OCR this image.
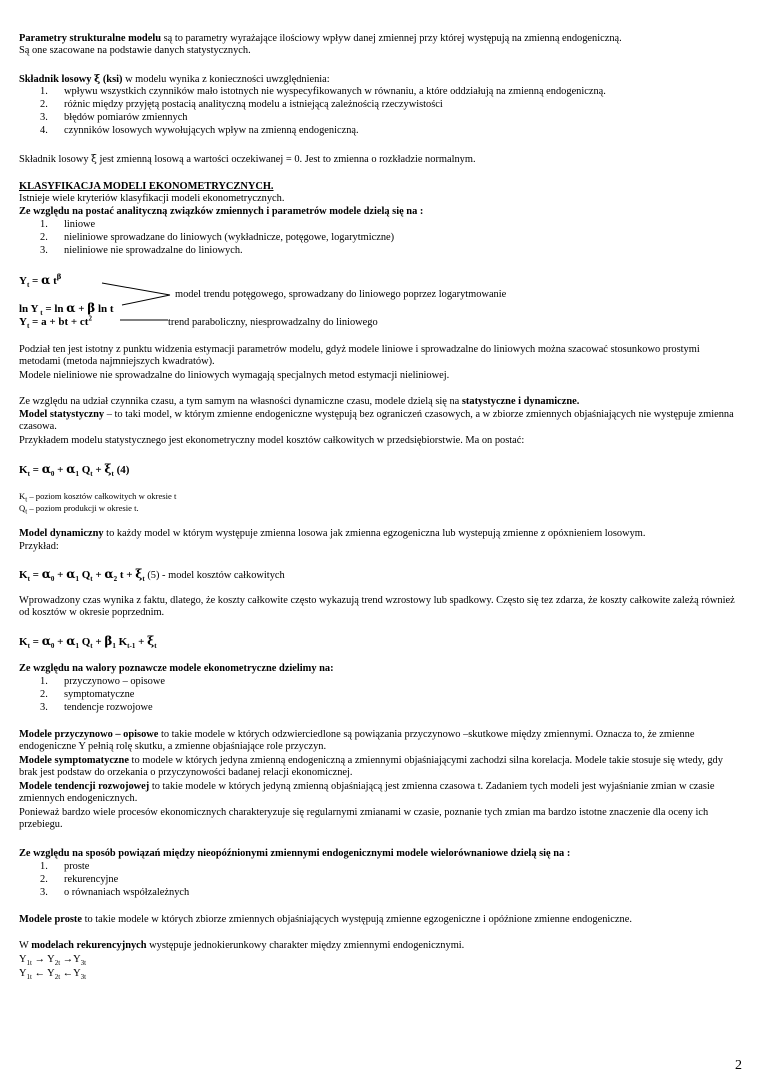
Parametry strukturalne modelu są to parametry wyrażające ilościowy wpływ danej zmiennej przy której występują na zmienną endogeniczną.
Są one szacowane na podstawie danych statystycznych.
Składnik losowy ξ (ksi) w modelu wynika z konieczności uwzględnienia:
1.	wpływu wszystkich czynników mało istotnych nie wyspecyfikowanych w równaniu, a które oddziałują na zmienną endogeniczną.
2.	różnic między przyjętą postacią analityczną modelu a istniejącą zależnością rzeczywistości
3.	błędów pomiarów zmiennych
4.	czynników losowych wywołujących wpływ na zmienną endogeniczną.
Składnik losowy ξ jest zmienną losową a wartości oczekiwanej = 0. Jest to zmienna o rozkładzie normalnym.
KLASYFIKACJA MODELI EKONOMETRYCZNYCH.
Istnieje wiele kryteriów klasyfikacji modeli ekonometrycznych.
Ze względu na postać analityczną związków zmiennych i parametrów modele dzielą się na :
1.	liniowe
2.	nieliniowe sprowadzane do liniowych (wykładnicze, potęgowe, logarytmiczne)
3.	nieliniowe nie sprowadzalne do liniowych.
$Y_t = \alpha$ $t^\beta$
ln Y $_t$ = ln α + β ln t
$Y_t = a$ + bt + $ct^2$
model trendu potęgowego, sprowadzany do liniowego poprzez logarytmowanie
trend paraboliczny, niesprowadzalny do liniowego
Podział ten jest istotny z punktu widzenia estymacji parametrów modelu, gdyż modele liniowe i sprowadzalne do liniowych można szacować stosunkowo prostymi metodami (metoda najmniejszych kwadratów).
Modele nieliniowe nie sprowadzalne do liniowych wymagają specjalnych metod estymacji nieliniowej.
Ze względu na udział czynnika czasu, a tym samym na własności dynamiczne czasu, modele dzielą się na statystyczne i dynamiczne.
Model statystyczny – to taki model, w którym zmienne endogeniczne występują bez ograniczeń czasowych, a w zbiorze zmiennych objaśniających nie występuje zmienna czasowa.
Przykładem modelu statystycznego jest ekonometryczny model kosztów całkowitych w przedsiębiorstwie. Ma on postać:
$K_t = \alpha_0 + \alpha_1$ $Q_t + \xi_t$ (4)
$K_t$ – poziom kosztów całkowitych w okresie t
$Q_t$ – poziom produkcji w okresie t.
Model dynamiczny to każdy model w którym występuje zmienna losowa jak zmienna egzogeniczna lub wystepują zmienne z opóxnieniem losowym.
Przykład:
$K_t = \alpha_0 + \alpha_1$ $Q_t + \alpha_2$ $t + \xi_t$ (5) - model kosztów całkowitych
Wprowadzony czas wynika z faktu, dlatego, że koszty całkowite często wykazują trend wzrostowy lub spadkowy. Często się tez zdarza, że koszty całkowite zależą również od kosztów w okresie poprzednim.
$K_t = \alpha_0 + \alpha_1$ $Q_t + \beta_1$ $K_{t-1} + \xi_t$
Ze względu na walory poznawcze modele ekonometryczne dzielimy na:
1.	przyczynowo – opisowe
2.	symptomatyczne
3.	tendencje rozwojowe
Modele przyczynowo – opisowe to takie modele w których odzwierciedlone są powiązania przyczynowo –skutkowe między zmiennymi. Oznacza to, że zmienne endogeniczne Y pełnią rolę skutku, a zmienne objaśniające role przyczyn.
Modele symptomatyczne to modele w których jedyna zmienną endogeniczną a zmiennymi objaśniającymi zachodzi silna korelacja. Modele takie stosuje się wtedy, gdy brak jest podstaw do orzekania o przyczynowości badanej relacji ekonomicznej.
Modele tendencji rozwojowej to takie modele w których jedyną zmienną objaśniającą jest zmienna czasowa t. Zadaniem tych modeli jest wyjaśnianie zmian w czasie zmiennych endogenicznych.
Ponieważ bardzo wiele procesów ekonomicznych charakteryzuje się regularnymi zmianami w czasie, poznanie tych zmian ma bardzo istotne znaczenie dla oceny ich przebiegu.
Ze względu na sposób powiązań między nieopóźnionymi zmiennymi endogenicznymi modele wielorównaniowe dzielą się na :
1.	proste
2.	rekurencyjne
3.	o równaniach współzależnych
Modele proste to takie modele w których zbiorze zmiennych objaśniających występują zmienne egzogeniczne i opóźnione zmienne endogeniczne.
W modelach rekurencyjnych występuje jednokierunkowy charakter między zmiennymi endogenicznymi.
$Y_{1t} \to Y_{2t} \to Y_{3t}$
$Y_{1t}$ ← $Y_{2t}$ $\leftarrow Y_{3t}$
2
